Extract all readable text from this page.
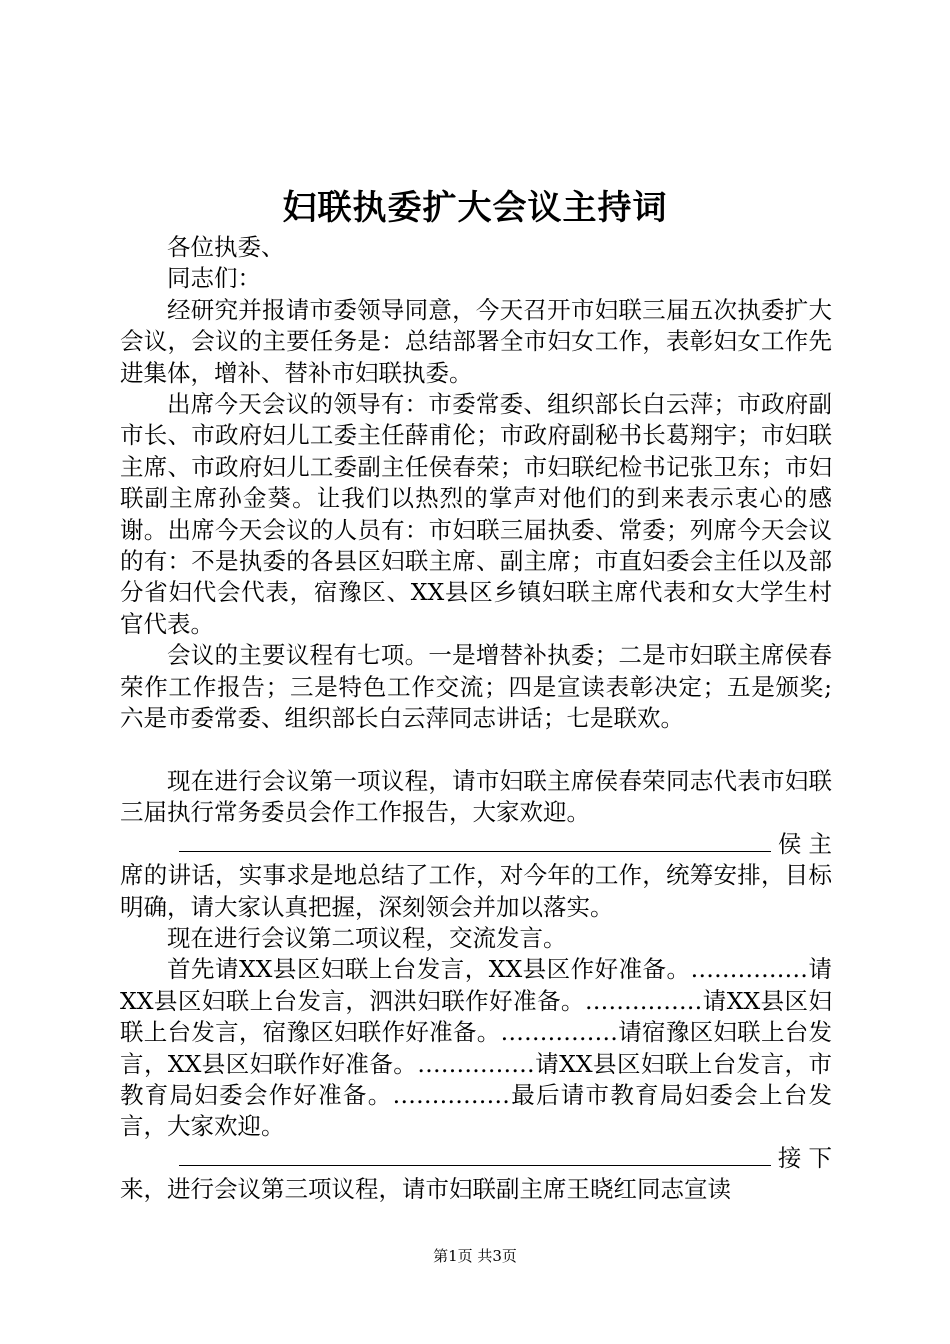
妇联执委扩大会议主持词

各位执委、

同志们：

经研究并报请市委领导同意，今天召开市妇联三届五次执委扩大会议，会议的主要任务是：总结部署全市妇女工作，表彰妇女工作先进集体，增补、替补市妇联执委。

出席今天会议的领导有：市委常委、组织部长白云萍；市政府副市长、市政府妇儿工委主任薛甫伦；市政府副秘书长葛翔宇；市妇联主席、市政府妇儿工委副主任侯春荣；市妇联纪检书记张卫东；市妇联副主席孙金葵。让我们以热烈的掌声对他们的到来表示衷心的感谢。出席今天会议的人员有：市妇联三届执委、常委；列席今天会议的有：不是执委的各县区妇联主席、副主席；市直妇委会主任以及部分省妇代会代表，宿豫区、XX县区乡镇妇联主席代表和女大学生村官代表。

会议的主要议程有七项。一是增替补执委；二是市妇联主席侯春荣作工作报告；三是特色工作交流；四是宣读表彰决定；五是颁奖;六是市委常委、组织部长白云萍同志讲话；七是联欢。

现在进行会议第一项议程，请市妇联主席侯春荣同志代表市妇联三届执行常务委员会作工作报告，大家欢迎。

侯主席的讲话，实事求是地总结了工作，对今年的工作，统筹安排，目标明确，请大家认真把握，深刻领会并加以落实。

现在进行会议第二项议程，交流发言。

首先请XX县区妇联上台发言，XX县区作好准备。……………请XX县区妇联上台发言，泗洪妇联作好准备。……………请XX县区妇联上台发言，宿豫区妇联作好准备。……………请宿豫区妇联上台发言，XX县区妇联作好准备。……………请XX县区妇联上台发言，市教育局妇委会作好准备。……………最后请市教育局妇委会上台发言，大家欢迎。

接下来，进行会议第三项议程，请市妇联副主席王晓红同志宣读

第1页 共3页
